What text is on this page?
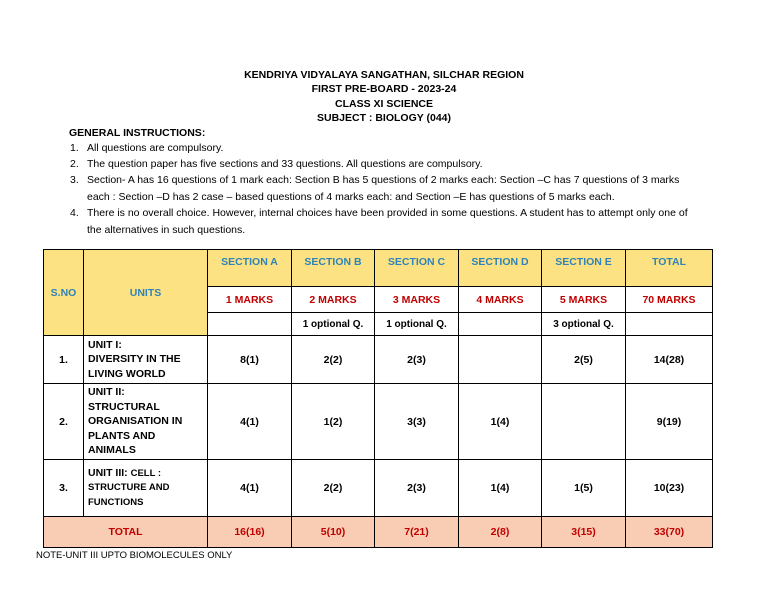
KENDRIYA VIDYALAYA SANGATHAN, SILCHAR REGION
FIRST PRE-BOARD - 2023-24
CLASS XI SCIENCE
SUBJECT : BIOLOGY (044)
GENERAL INSTRUCTIONS:
1. All questions are compulsory.
2. The question paper has five sections and 33 questions. All questions are compulsory.
3. Section- A has 16 questions of 1 mark each: Section B has 5 questions of 2 marks each: Section –C has 7 questions of 3 marks each : Section –D has 2 case – based questions of 4 marks each: and Section –E has questions of 5 marks each.
4. There is no overall choice. However, internal choices have been provided in some questions. A student has to attempt only one of the alternatives in such questions.
S.NO	UNITS	SECTION A	SECTION B	SECTION C	SECTION D	SECTION E	TOTAL
		1 MARKS	2 MARKS	3 MARKS	4 MARKS	5 MARKS	70 MARKS
			1 optional Q.	1 optional Q.		3 optional Q.	
1.	UNIT I:
DIVERSITY IN THE LIVING WORLD	8(1)	2(2)	2(3)		2(5)	14(28)
2.	UNIT II:
STRUCTURAL ORGANISATION IN PLANTS AND ANIMALS	4(1)	1(2)	3(3)	1(4)		9(19)
3.	UNIT III: CELL :
STRUCTURE AND FUNCTIONS	4(1)	2(2)	2(3)	1(4)	1(5)	10(23)
TOTAL		16(16)	5(10)	7(21)	2(8)	3(15)	33(70)
NOTE-UNIT III UPTO BIOMOLECULES ONLY
